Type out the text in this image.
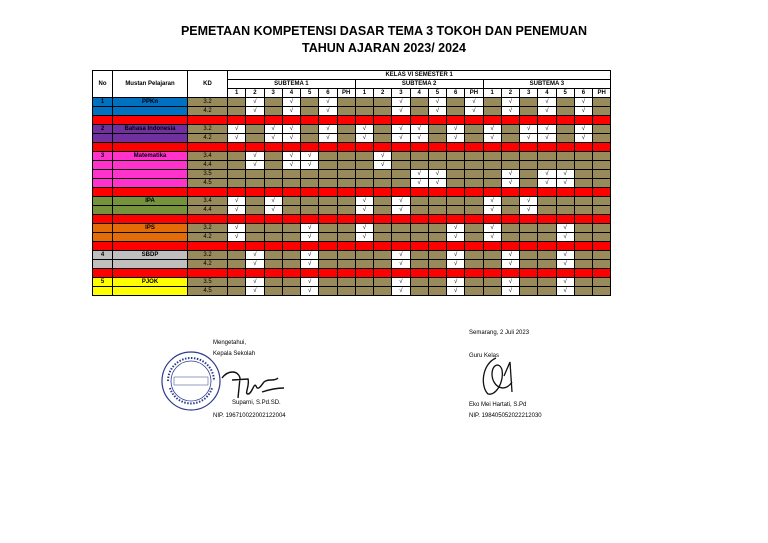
PEMETAAN KOMPETENSI DASAR TEMA 3 TOKOH DAN PENEMUAN
TAHUN AJARAN 2023/ 2024
No	Mustan Pelajaran	KD	KELAS VI SEMESTER 1																				
			SUBTEMA 1							SUBTEMA 2							SUBTEMA 3						
			1	2	3	4	5	6	PH	1	2	3	4	5	6	PH	1	2	3	4	5	6	PH
1	PPKn	3.2		√		√		√				√		√		√		√		√		√	
		4.2		√		√		√				√		√		√		√		√		√	

2	Bahasa Indonesia	3.2	√		√	√		√		√		√	√		√		√		√	√		√	
		4.2	√		√	√		√		√		√	√		√		√		√	√		√	

3	Matematika	3.4		√		√	√				√												
		4.4		√		√	√				√												
		3.5											√	√				√		√	√		
		4.5											√	√				√		√	√		

	IPA	3.4	√		√					√		√					√		√				
		4.4	√		√					√		√					√		√				

	IPS	3.2	√				√			√					√		√				√		
		4.2	√				√			√					√		√				√		

4	SBDP	3.2		√			√					√			√			√			√		
		4.2		√			√					√			√			√			√		

5	PJOK	3.5		√			√					√			√			√			√		
		4.5		√			√					√			√			√			√		
Mengetahui,
Kepala Sekolah
Suparni, S.Pd.SD.
NIP. 196710022002122004
Semarang, 2 Juli 2023
Guru Kelas
Eko Mei Hartati, S.Pd
NIP. 198405052022212030
